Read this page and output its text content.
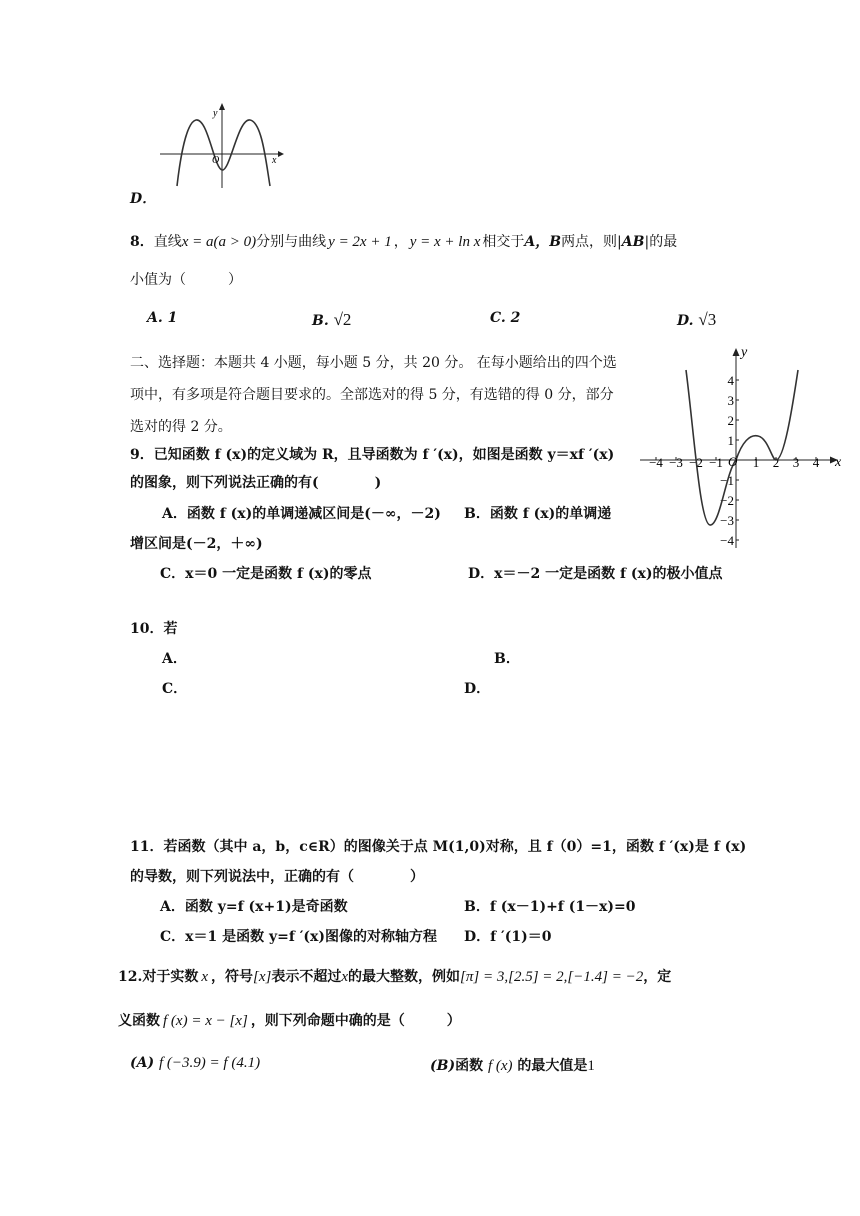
y
x
O
D．
8．直线x = a(a > 0)分别与曲线 y = 2x + 1 ， y = x + ln x 相交于A，B两点，则|AB|的最
小值为（　　　）
A. 1	B. √2	C. 2	D. √3
二、选择题：本题共 4 小题，每小题 5 分，共 20 分。 在每小题给出的四个选
项中，有多项是符合题目要求的。全部选对的得 5 分，有选错的得 0 分，部分
选对的得 2 分。
9．已知函数 f (x)的定义域为 R，且导函数为 f ′(x)，如图是函数 y＝xf ′(x)
的图象，则下列说法正确的有(　　　　)
A．函数 f (x)的单调递减区间是(－∞，－2) B．函数 f (x)的单调递
增区间是(－2，＋∞)
C．x＝0 一定是函数 f (x)的零点	D．x＝－2 一定是函数 f (x)的极小值点
−4 −3 −2 −1 1 2 3 4
4
3
2
1
−1
−2
−3
−4
y
x
O
10．若
A．	B．
C．	D．
11．若函数（其中 a，b，c∈R）的图像关于点 M(1,0)对称，且 f（0）=1，函数 f ′(x)是 f (x)
的导数，则下列说法中，正确的有（　　　　）
A．函数 y=f (x+1)是奇函数	B．f (x－1)+f (1－x)=0
C．x＝1 是函数 y=f ′(x)图像的对称轴方程 D．f ′(1)＝0
12.对于实数 x ，符号[x]表示不超过x的最大整数，例如[π] = 3,[2.5] = 2,[−1.4] = −2，定
义函数 f (x) = x − [x] ，则下列命题中确的是（　　　）
(A) f (−3.9) = f (4.1)	(B)函数 f (x) 的最大值是1
